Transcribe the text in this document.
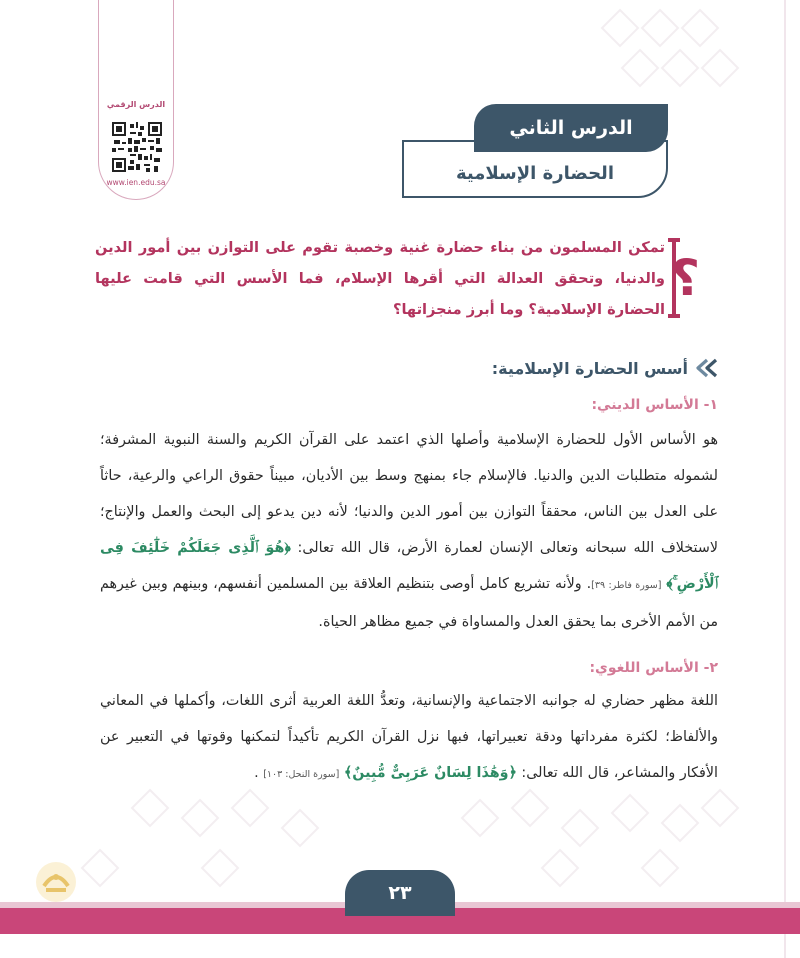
الدرس الرقمي
www.ien.edu.sa
الدرس الثاني
الحضارة الإسلامية
؟

تمكن المسلمون من بناء حضارة غنية وخصبة تقوم على التوازن بين أمور الدين والدنيا، وتحقق العدالة التي أقرها الإسلام، فما الأسس التي قامت عليها الحضارة الإسلامية؟ وما أبرز منجزاتها؟

أسس الحضارة الإسلامية:
١- الأساس الديني:

هو الأساس الأول للحضارة الإسلامية وأصلها الذي اعتمد على القرآن الكريم والسنة النبوية المشرفة؛ لشموله متطلبات الدين والدنيا. فالإسلام جاء بمنهج وسط بين الأديان، مبيناً حقوق الراعي والرعية، حاثاً على العدل بين الناس، محققاً التوازن بين أمور الدين والدنيا؛ لأنه دين يدعو إلى البحث والعمل والإنتاج؛ لاستخلاف الله سبحانه وتعالى الإنسان لعمارة الأرض، قال الله تعالى: ﴿هُوَ ٱلَّذِى جَعَلَكُمْ خَلَٰٓئِفَ فِى ٱلْأَرْضِ ۚ﴾ [سورة فاطر: ٣٩]. ولأنه تشريع كامل أوصى بتنظيم العلاقة بين المسلمين أنفسهم، وبينهم وبين غيرهم من الأمم الأخرى بما يحقق العدل والمساواة في جميع مظاهر الحياة.

٢- الأساس اللغوي:

اللغة مظهر حضاري له جوانبه الاجتماعية والإنسانية، وتعدُّ اللغة العربية أثرى اللغات، وأكملها في المعاني والألفاظ؛ لكثرة مفرداتها ودقة تعبيراتها، فبها نزل القرآن الكريم تأكيداً لتمكنها وقوتها في التعبير عن الأفكار والمشاعر، قال الله تعالى: ﴿وَهَٰذَا لِسَانٌ عَرَبِىٌّ مُّبِينٌ﴾ [سورة النحل: ١٠٣] .

٢٣
